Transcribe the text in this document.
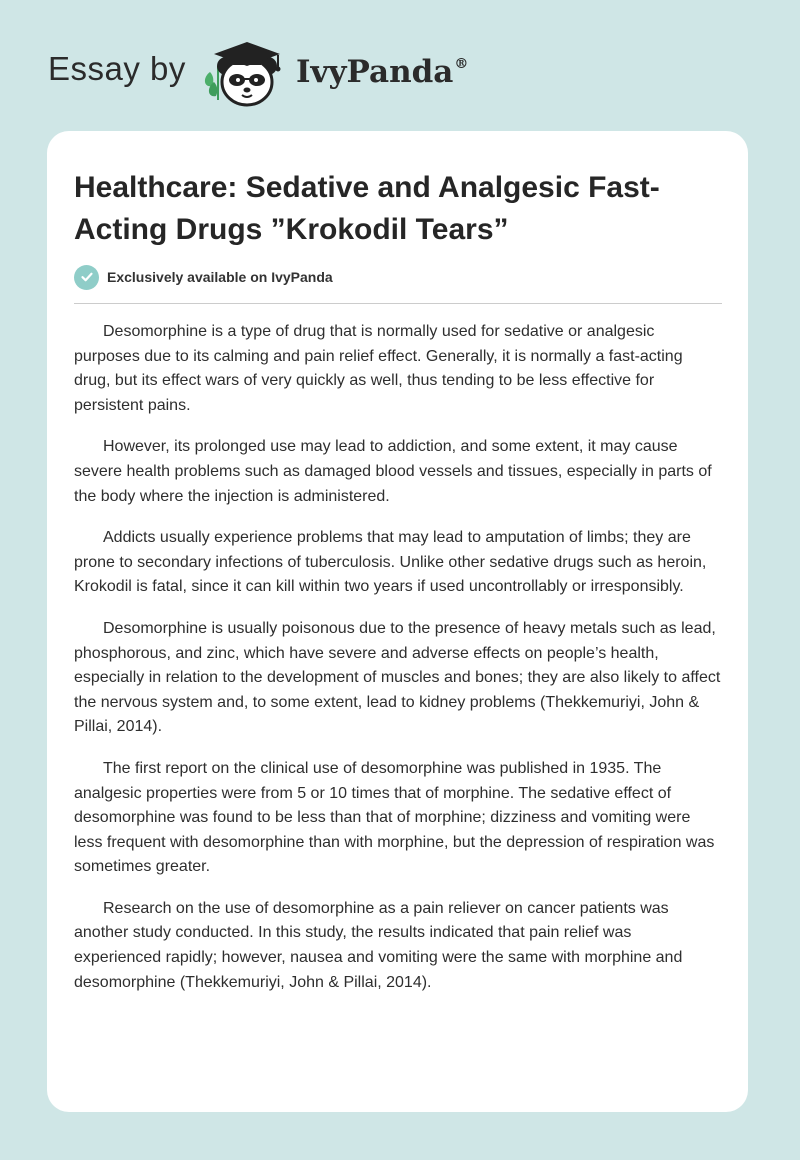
Essay by	IvyPanda®
Healthcare: Sedative and Analgesic Fast-Acting Drugs ”Krokodil Tears”
Exclusively available on IvyPanda

Desomorphine is a type of drug that is normally used for sedative or analgesic purposes due to its calming and pain relief effect. Generally, it is normally a fast-acting drug, but its effect wars of very quickly as well, thus tending to be less effective for persistent pains.

However, its prolonged use may lead to addiction, and some extent, it may cause severe health problems such as damaged blood vessels and tissues, especially in parts of the body where the injection is administered.

Addicts usually experience problems that may lead to amputation of limbs; they are prone to secondary infections of tuberculosis. Unlike other sedative drugs such as heroin, Krokodil is fatal, since it can kill within two years if used uncontrollably or irresponsibly.

Desomorphine is usually poisonous due to the presence of heavy metals such as lead, phosphorous, and zinc, which have severe and adverse effects on people’s health, especially in relation to the development of muscles and bones; they are also likely to affect the nervous system and, to some extent, lead to kidney problems (Thekkemuriyi, John & Pillai, 2014).

The first report on the clinical use of desomorphine was published in 1935. The analgesic properties were from 5 or 10 times that of morphine. The sedative effect of desomorphine was found to be less than that of morphine; dizziness and vomiting were less frequent with desomorphine than with morphine, but the depression of respiration was sometimes greater.

Research on the use of desomorphine as a pain reliever on cancer patients was another study conducted. In this study, the results indicated that pain relief was experienced rapidly; however, nausea and vomiting were the same with morphine and desomorphine (Thekkemuriyi, John & Pillai, 2014).
